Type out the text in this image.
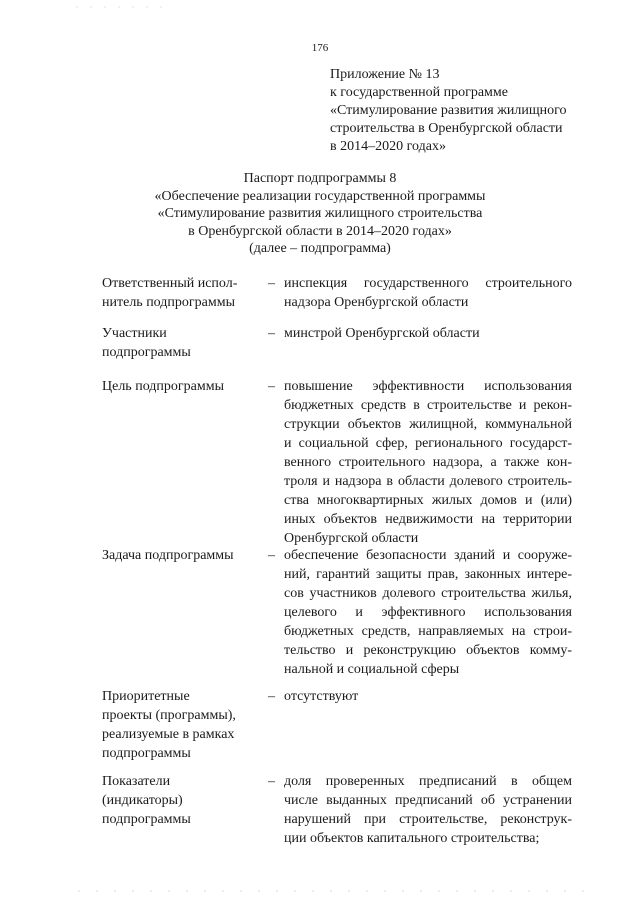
176
Приложение № 13
к государственной программе
«Стимулирование развития жилищного
строительства в Оренбургской области
в 2014–2020 годах»
Паспорт подпрограммы 8
«Обеспечение реализации государственной программы
«Стимулирование развития жилищного строительства
в Оренбургской области в 2014–2020 годах»
(далее – подпрограмма)
Ответственный испол-
нитель подпрограммы
– инспекция государственного строительного
надзора Оренбургской области
Участники
подпрограммы
– минстрой Оренбургской области
Цель подпрограммы	– повышение эффективности использования
бюджетных средств в строительстве и рекон-
струкции объектов жилищной, коммунальной
и социальной сфер, регионального государст-
венного строительного надзора, а также кон-
троля и надзора в области долевого строитель-
ства многоквартирных жилых домов и (или)
иных объектов недвижимости на территории
Оренбургской области
Задача подпрограммы	– обеспечение безопасности зданий и сооруже-
ний, гарантий защиты прав, законных интере-
сов участников долевого строительства жилья,
целевого и эффективного использования
бюджетных средств, направляемых на строи-
тельство и реконструкцию объектов комму-
нальной и социальной сферы
Приоритетные
проекты (программы),
реализуемые в рамках
подпрограммы
– отсутствуют
Показатели
(индикаторы)
подпрограммы
– доля проверенных предписаний в общем
числе выданных предписаний об устранении
нарушений при строительстве, реконструк-
ции объектов капитального строительства;
